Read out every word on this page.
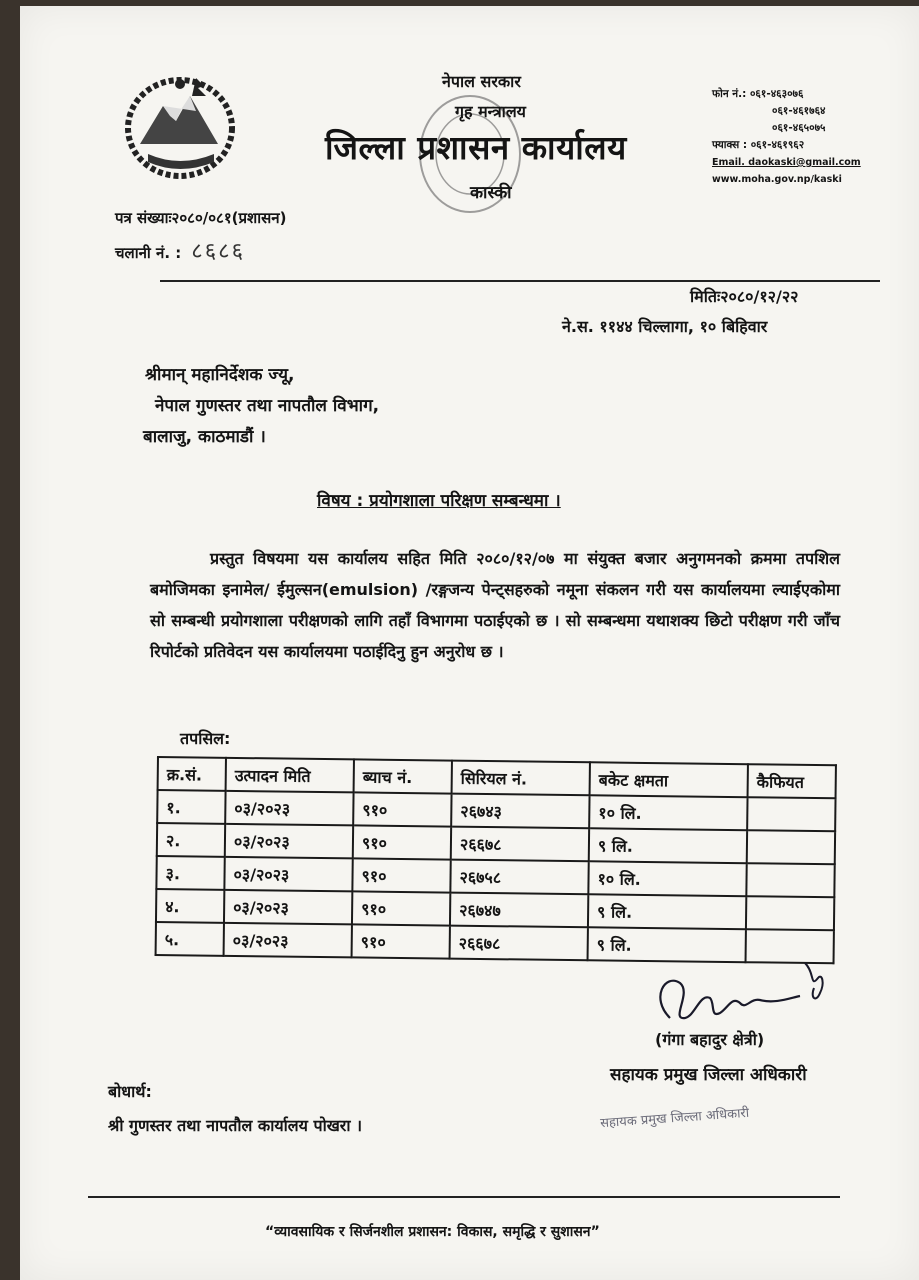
नेपाल सरकार
गृह मन्त्रालय
जिल्ला प्रशासन कार्यालय
कास्की
फोन नं.: ०६१-४६३०७६
०६१-४६१७६४
०६१-४६५०७५
फ्याक्स : ०६१-४६१९६२
Email. daokaski@gmail.com
www.moha.gov.np/kaski
पत्र संख्याः२०८०/०८१(प्रशासन)
चलानी नं. : ८६८६
मितिः२०८०/१२/२२
ने.स. ११४४ चिल्लागा, १० बिहिवार
श्रीमान् महानिर्देशक ज्यू,
नेपाल गुणस्तर तथा नापतौल विभाग,
बालाजु, काठमाडौं ।
विषय : प्रयोगशाला परिक्षण सम्बन्धमा ।

प्रस्तुत विषयमा यस कार्यालय सहित मिति २०८०/१२/०७ मा संयुक्त बजार अनुगमनको क्रममा तपशिल बमोजिमका इनामेल/ ईमुल्सन(emulsion) /रङ्गजन्य पेन्ट्सहरुको नमूना संकलन गरी यस कार्यालयमा ल्याईएकोमा सो सम्बन्धी प्रयोगशाला परीक्षणको लागि तहाँ विभागमा पठाईएको छ । सो सम्बन्धमा यथाशक्य छिटो परीक्षण गरी जाँच रिपोर्टको प्रतिवेदन यस कार्यालयमा पठाईदिनु हुन अनुरोध छ ।

तपसिल:
क्र.सं.	उत्पादन मिति	ब्याच नं.	सिरियल नं.	बकेट क्षमता	कैफियत
१.	०३/२०२३	९१०	२६७४३	१० लि.	
२.	०३/२०२३	९१०	२६६७८	९ लि.	
३.	०३/२०२३	९१०	२६७५८	१० लि.	
४.	०३/२०२३	९१०	२६७४७	९ लि.	
५.	०३/२०२३	९१०	२६६७८	९ लि.	
(गंगा बहादुर क्षेत्री)
सहायक प्रमुख जिल्ला अधिकारी
सहायक प्रमुख जिल्ला अधिकारी
बोधार्थ:
श्री गुणस्तर तथा नापतौल कार्यालय पोखरा ।
“व्यावसायिक र सिर्जनशील प्रशासन: विकास, समृद्धि र सुशासन”
